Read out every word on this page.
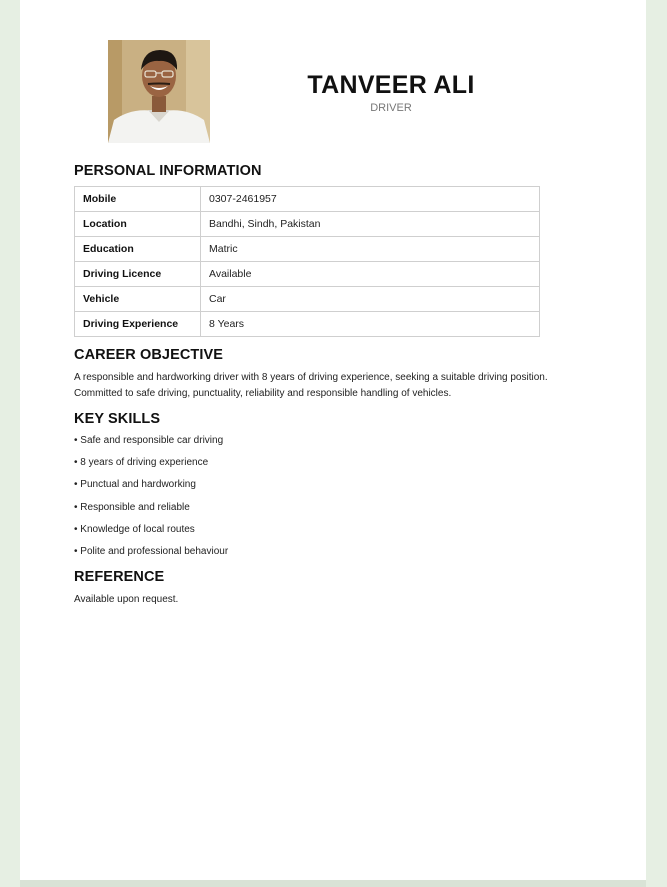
TANVEER ALI
DRIVER
PERSONAL INFORMATION
Mobile	0307-2461957
Location	Bandhi, Sindh, Pakistan
Education	Matric
Driving Licence	Available
Vehicle	Car
Driving Experience	8 Years
CAREER OBJECTIVE
A responsible and hardworking driver with 8 years of driving experience, seeking a suitable driving position.
Committed to safe driving, punctuality, reliability and responsible handling of vehicles.
KEY SKILLS
• Safe and responsible car driving
• 8 years of driving experience
• Punctual and hardworking
• Responsible and reliable
• Knowledge of local routes
• Polite and professional behaviour
REFERENCE
Available upon request.
